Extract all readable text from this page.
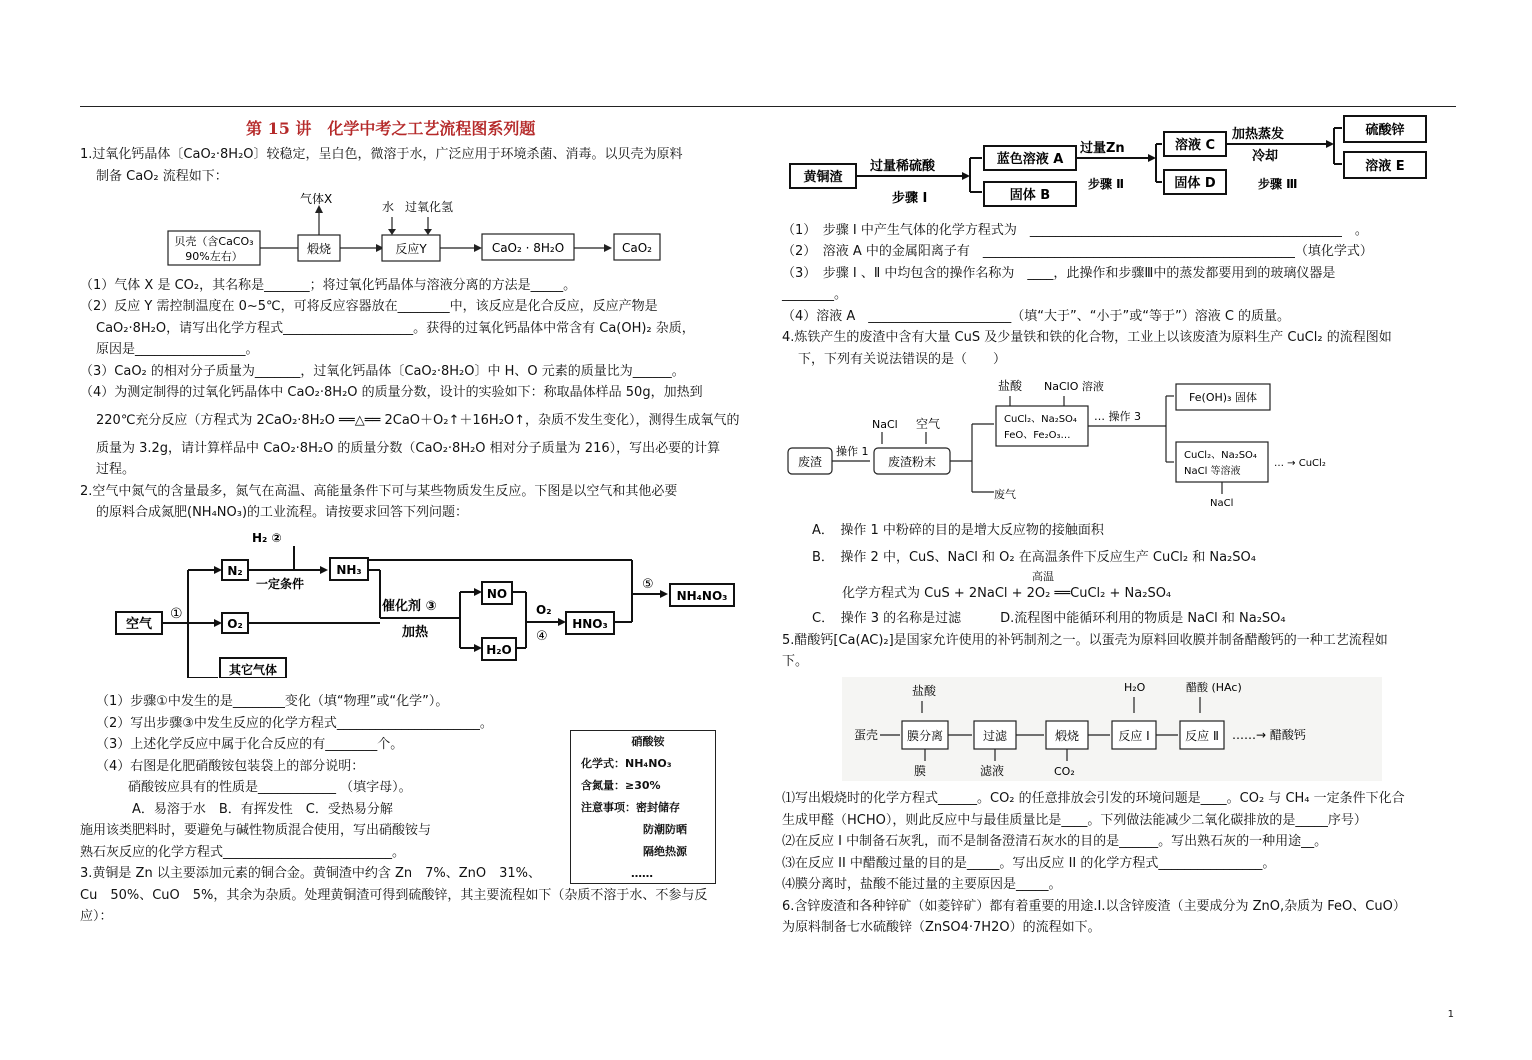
第 15 讲　化学中考之工艺流程图系列题

1.过氧化钙晶体〔CaO₂·8H₂O〕较稳定，呈白色，微溶于水，广泛应用于环境杀菌、消毒。以贝壳为原料

制备 CaO₂ 流程如下：

贝壳（含CaCO₃
90%左右）
煅烧
气体X
反应Y
水 过氧化氢
CaO₂ · 8H₂O	CaO₂

（1）气体 X 是 CO₂，其名称是_______；将过氧化钙晶体与溶液分离的方法是_____。

（2）反应 Y 需控制温度在 0~5℃，可将反应容器放在________中，该反应是化合反应，反应产物是

CaO₂·8H₂O，请写出化学方程式____________________。获得的过氧化钙晶体中常含有 Ca(OH)₂ 杂质，

原因是_________________。

（3）CaO₂ 的相对分子质量为_______，过氧化钙晶体〔CaO₂·8H₂O〕中 H、O 元素的质量比为______。

（4）为测定制得的过氧化钙晶体中 CaO₂·8H₂O 的质量分数，设计的实验如下：称取晶体样品 50g，加热到

220℃充分反应（方程式为 2CaO₂·8H₂O ══△══ 2CaO＋O₂↑＋16H₂O↑，杂质不发生变化），测得生成氧气的

质量为 3.2g，请计算样品中 CaO₂·8H₂O 的质量分数（CaO₂·8H₂O 相对分子质量为 216），写出必要的计算

过程。

2.空气中氮气的含量最多，氮气在高温、高能量条件下可与某些物质发生反应。下图是以空气和其他必要

的原料合成氮肥(NH₄NO₃)的工业流程。请按要求回答下列问题：

空气
①
N₂
O₂
H₂ ②
一定条件
NH₃
催化剂 ③
加热
NO
H₂O
O₂
④
HNO₃
⑤
NH₄NO₃
其它气体

（1）步骤①中发生的是________变化（填“物理”或“化学”）。

（2）写出步骤③中发生反应的化学方程式______________________。

（3）上述化学反应中属于化合反应的有________个。

（4）右图是化肥硝酸铵包装袋上的部分说明：

硝酸铵应具有的性质是____________ （填字母）。

A．易溶于水　B．有挥发性　C．受热易分解

施用该类肥料时，要避免与碱性物质混合使用，写出硝酸铵与

熟石灰反应的化学方程式__________________________。

3.黄铜是 Zn 以主要添加元素的铜合金。黄铜渣中约含 Zn　7%、ZnO　31%、

Cu　50%、CuO　5%，其余为杂质。处理黄铜渣可得到硫酸锌，其主要流程如下（杂质不溶于水、不参与反

应）：

硝酸铵
化学式：NH₄NO₃
含氮量：≥30%
注意事项：密封储存
防潮防晒
隔绝热源
……
黄铜渣
过量稀硫酸
步骤 Ⅰ
蓝色溶液 A
固体 B
过量Zn
步骤 Ⅱ
溶液 C
固体 D
加热蒸发
冷却
步骤 Ⅲ
硫酸锌
溶液 E

（1）　步骤 Ⅰ 中产生气体的化学方程式为　________________________________________________　。

（2）　溶液 A 中的金属阳离子有　________________________________________________（填化学式）

（3）　步骤 Ⅰ 、Ⅱ 中均包含的操作名称为　____，此操作和步骤Ⅲ中的蒸发都要用到的玻璃仪器是

________。

（4）溶液 A　______________________（填“大于”、“小于”或“等于”）溶液 C 的质量。

4.炼铁产生的废渣中含有大量 CuS 及少量铁和铁的化合物，工业上以该废渣为原料生产 CuCl₂ 的流程图如

下，下列有关说法错误的是（　　）

盐酸 NaClO 溶液
NaCl 空气
废渣
操作 1
废渣粉末
CuCl₂、Na₂SO₄
FeO、Fe₂O₃…
废气
… 操作 3
Fe(OH)₃ 固体
CuCl₂、Na₂SO₄
NaCl 等溶液
… → CuCl₂
NaCl

A．　操作 1 中粉碎的目的是增大反应物的接触面积

B．　操作 2 中，CuS、NaCl 和 O₂ 在高温条件下反应生产 CuCl₂ 和 Na₂SO₄

高温

化学方程式为 CuS + 2NaCl + 2O₂ ══CuCl₂ + Na₂SO₄

C．　操作 3 的名称是过滤　　　D.流程图中能循环利用的物质是 NaCl 和 Na₂SO₄

5.醋酸钙[Ca(AC)₂]是国家允许使用的补钙制剂之一。以蛋壳为原料回收膜并制备醋酸钙的一种工艺流程如

下。

盐酸	H₂O	醋酸 (HAc)
蛋壳 膜分离	过滤	煅烧	反应 Ⅰ	反应 Ⅱ ……→ 醋酸钙
膜	滤液	CO₂

⑴写出煅烧时的化学方程式______。CO₂ 的任意排放会引发的环境问题是____。CO₂ 与 CH₄ 一定条件下化合

生成甲醛（HCHO），则此反应中与最佳质量比是____。下列做法能减少二氧化碳排放的是_____序号）

⑵在反应 I 中制备石灰乳，而不是制备澄清石灰水的目的是______。写出熟石灰的一种用途__。

⑶在反应 II 中醋酸过量的目的是_____。写出反应 II 的化学方程式________________。

⑷膜分离时，盐酸不能过量的主要原因是_____。

6.含锌废渣和各种锌矿（如菱锌矿）都有着重要的用途.I.以含锌废渣（主要成分为 ZnO,杂质为 FeO、CuO）

为原料制备七水硫酸锌（ZnSO4·7H2O）的流程如下。

1
